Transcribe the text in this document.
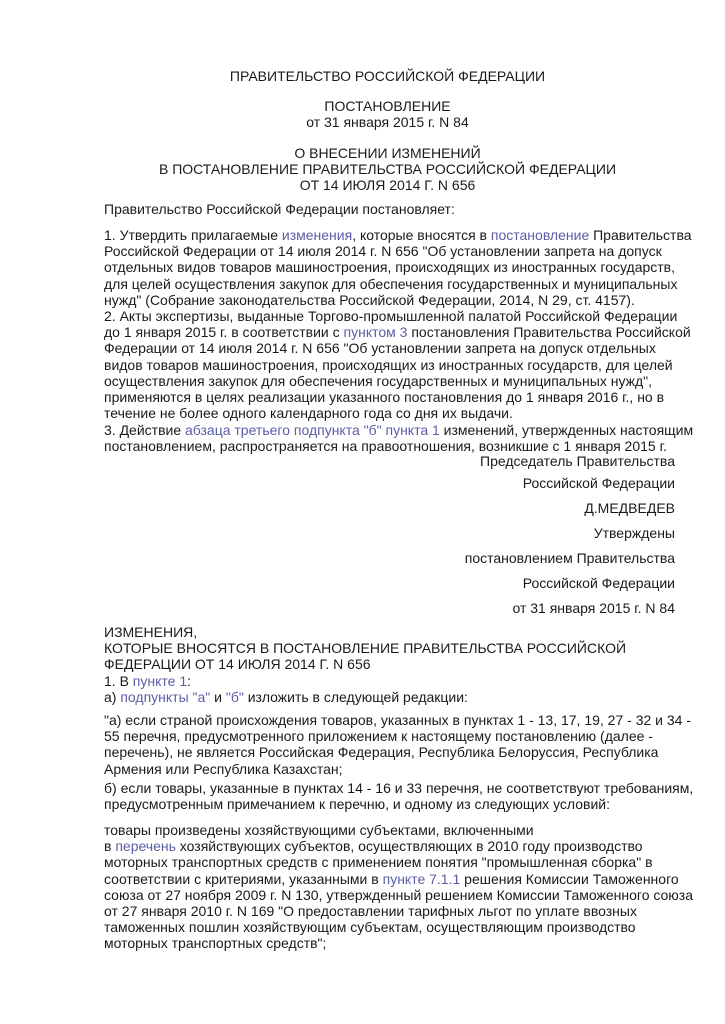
ПРАВИТЕЛЬСТВО РОССИЙСКОЙ ФЕДЕРАЦИИ
ПОСТАНОВЛЕНИЕ
от 31 января 2015 г. N 84
О ВНЕСЕНИИ ИЗМЕНЕНИЙ
В ПОСТАНОВЛЕНИЕ ПРАВИТЕЛЬСТВА РОССИЙСКОЙ ФЕДЕРАЦИИ
ОТ 14 ИЮЛЯ 2014 Г. N 656
Правительство Российской Федерации постановляет:
1. Утвердить прилагаемые изменения, которые вносятся в постановление Правительства
Российской Федерации от 14 июля 2014 г. N 656 "Об установлении запрета на допуск
отдельных видов товаров машиностроения, происходящих из иностранных государств,
для целей осуществления закупок для обеспечения государственных и муниципальных
нужд" (Собрание законодательства Российской Федерации, 2014, N 29, ст. 4157).
2. Акты экспертизы, выданные Торгово-промышленной палатой Российской Федерации
до 1 января 2015 г. в соответствии с пунктом 3 постановления Правительства Российской
Федерации от 14 июля 2014 г. N 656 "Об установлении запрета на допуск отдельных
видов товаров машиностроения, происходящих из иностранных государств, для целей
осуществления закупок для обеспечения государственных и муниципальных нужд",
применяются в целях реализации указанного постановления до 1 января 2016 г., но в
течение не более одного календарного года со дня их выдачи.
3. Действие абзаца третьего подпункта "б" пункта 1 изменений, утвержденных настоящим
постановлением, распространяется на правоотношения, возникшие с 1 января 2015 г.
Председатель Правительства
Российской Федерации
Д.МЕДВЕДЕВ
Утверждены
постановлением Правительства
Российской Федерации
от 31 января 2015 г. N 84
ИЗМЕНЕНИЯ,
КОТОРЫЕ ВНОСЯТСЯ В ПОСТАНОВЛЕНИЕ ПРАВИТЕЛЬСТВА РОССИЙСКОЙ
ФЕДЕРАЦИИ ОТ 14 ИЮЛЯ 2014 Г. N 656
1. В пункте 1:
а) подпункты "а" и "б" изложить в следующей редакции:
"а) если страной происхождения товаров, указанных в пунктах 1 - 13, 17, 19, 27 - 32 и 34 -
55 перечня, предусмотренного приложением к настоящему постановлению (далее -
перечень), не является Российская Федерация, Республика Белоруссия, Республика
Армения или Республика Казахстан;
б) если товары, указанные в пунктах 14 - 16 и 33 перечня, не соответствуют требованиям,
предусмотренным примечанием к перечню, и одному из следующих условий:
товары произведены хозяйствующими субъектами, включенными
в перечень хозяйствующих субъектов, осуществляющих в 2010 году производство
моторных транспортных средств с применением понятия "промышленная сборка" в
соответствии с критериями, указанными в пункте 7.1.1 решения Комиссии Таможенного
союза от 27 ноября 2009 г. N 130, утвержденный решением Комиссии Таможенного союза
от 27 января 2010 г. N 169 "О предоставлении тарифных льгот по уплате ввозных
таможенных пошлин хозяйствующим субъектам, осуществляющим производство
моторных транспортных средств";
